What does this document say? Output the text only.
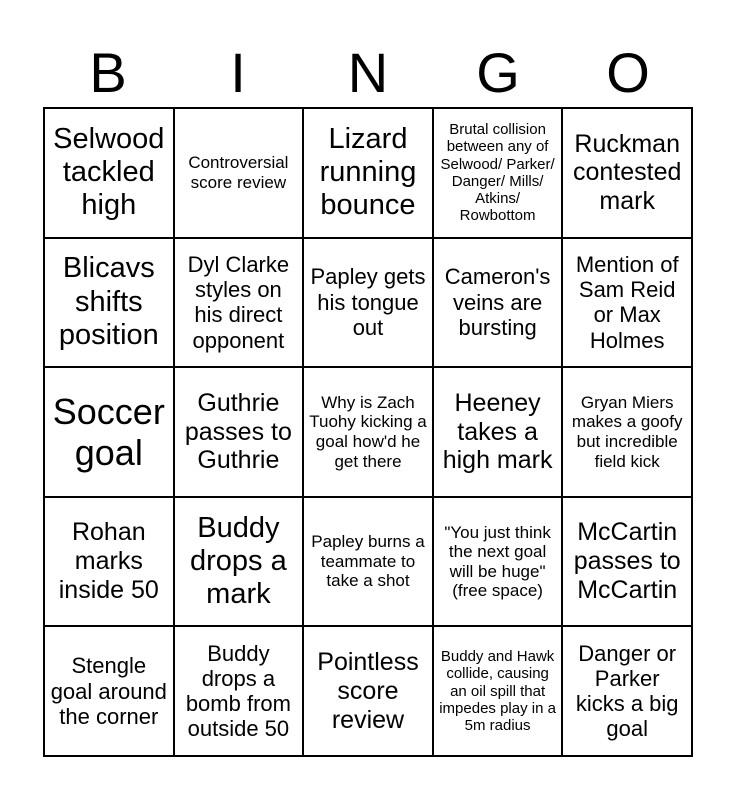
B	I	N	G	O
Selwood tackled high
Controversial score review
Lizard running bounce
Brutal collision between any of Selwood/ Parker/ Danger/ Mills/ Atkins/ Rowbottom
Ruckman contested mark
Blicavs shifts position
Dyl Clarke styles on his direct opponent
Papley gets his tongue out
Cameron's veins are bursting
Mention of Sam Reid or Max Holmes
Soccer goal
Guthrie passes to Guthrie
Why is Zach Tuohy kicking a goal how'd he get there
Heeney takes a high mark
Gryan Miers makes a goofy but incredible field kick
Rohan marks inside 50
Buddy drops a mark
Papley burns a teammate to take a shot
"You just think the next goal will be huge" (free space)
McCartin passes to McCartin
Stengle goal around the corner
Buddy drops a bomb from outside 50
Pointless score review
Buddy and Hawk collide, causing an oil spill that impedes play in a 5m radius
Danger or Parker kicks a big goal
